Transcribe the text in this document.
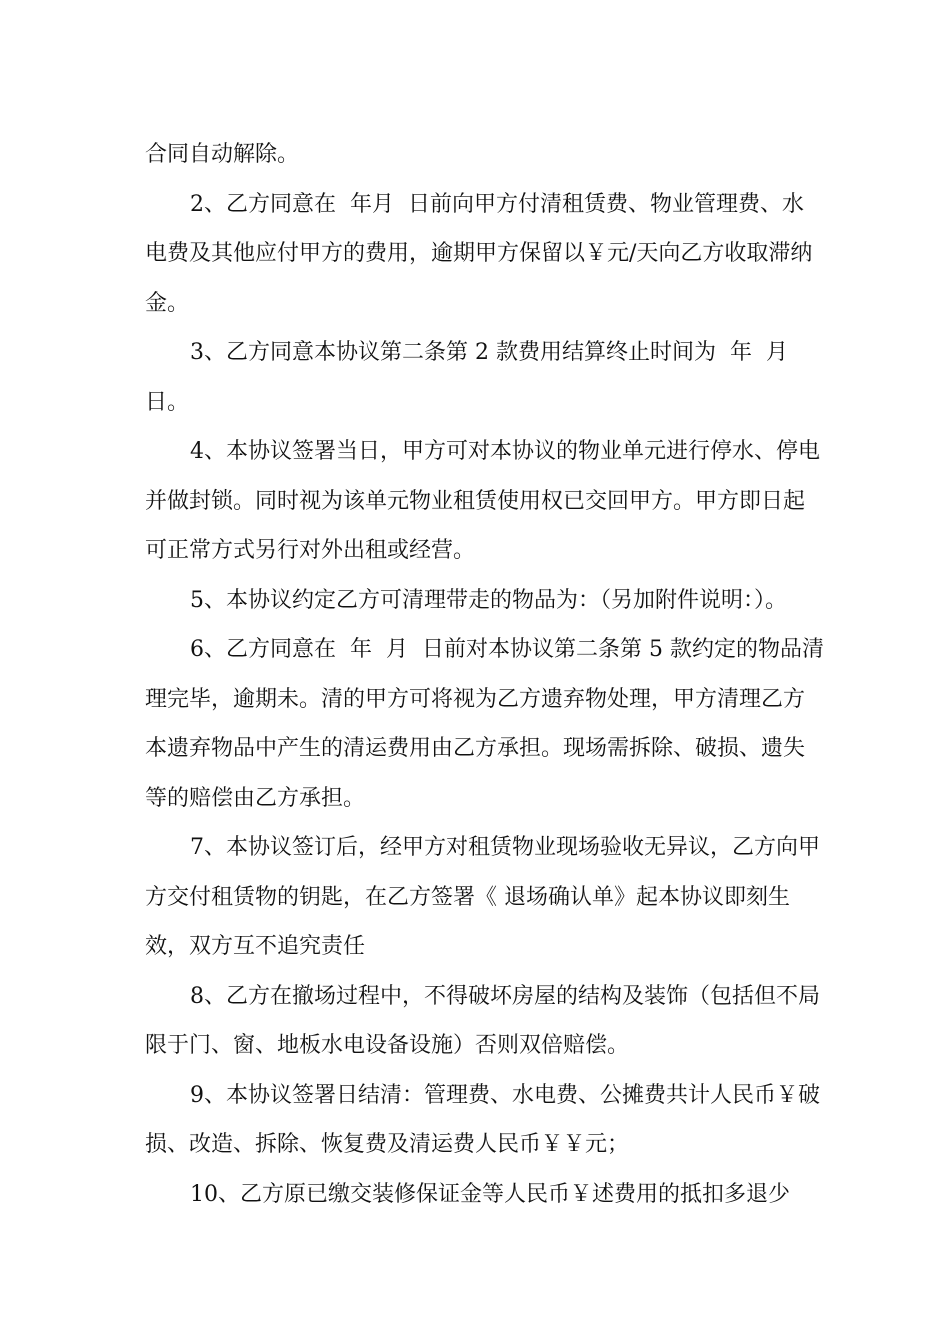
合同自动解除。

2、乙方同意在  年月  日前向甲方付清租赁费、物业管理费、水电费及其他应付甲方的费用，逾期甲方保留以￥元/天向乙方收取滞纳金。

3、乙方同意本协议第二条第 2 款费用结算终止时间为  年  月日。

4、本协议签署当日，甲方可对本协议的物业单元进行停水、停电并做封锁。同时视为该单元物业租赁使用权已交回甲方。甲方即日起可正常方式另行对外出租或经营。

5、本协议约定乙方可清理带走的物品为：（另加附件说明：）。

6、乙方同意在  年  月  日前对本协议第二条第 5 款约定的物品清理完毕，逾期未。清的甲方可将视为乙方遗弃物处理，甲方清理乙方本遗弃物品中产生的清运费用由乙方承担。现场需拆除、破损、遗失等的赔偿由乙方承担。

7、本协议签订后，经甲方对租赁物业现场验收无异议，乙方向甲方交付租赁物的钥匙，在乙方签署《 退场确认单》起本协议即刻生效，双方互不追究责任

8、乙方在撤场过程中，不得破坏房屋的结构及装饰（包括但不局限于门、窗、地板水电设备设施）否则双倍赔偿。

9、本协议签署日结清：管理费、水电费、公摊费共计人民币￥破损、改造、拆除、恢复费及清运费人民币￥￥元；

10、乙方原已缴交装修保证金等人民币￥述费用的抵扣多退少
